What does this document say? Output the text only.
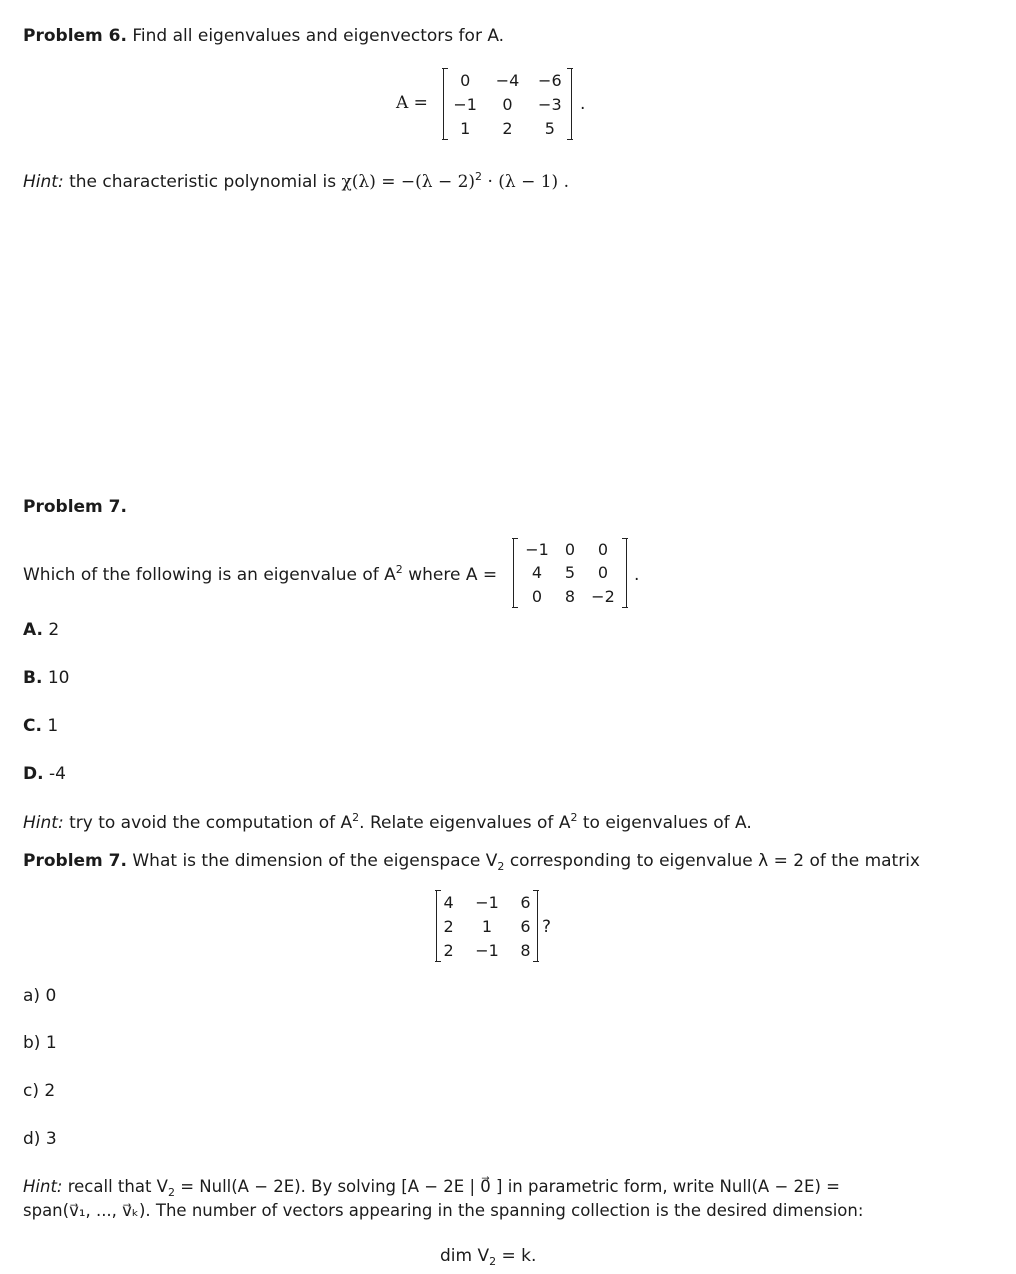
Problem 6. Find all eigenvalues and eigenvectors for A.
A =
0	−4	−6
−1	0	−3
1	2	5
.
Hint: the characteristic polynomial is $\chi(\lambda) = -(\lambda - 2)^2 \cdot (\lambda - 1)$ .
Problem 7.
Which of the following is an eigenvalue of $A^2$ where A =
−1	0	0
4	5	0
0	8	−2
.
A. 2
B. 10
C. 1
D. -4
Hint: try to avoid the computation of $A^2$. Relate eigenvalues of $A^2$ to eigenvalues of A.
Problem 7. What is the dimension of the eigenspace $V_2$ corresponding to eigenvalue λ = 2 of the matrix
4	−1	6
2	1	6
2	−1	8
?
a) 0
b) 1
c) 2
d) 3
Hint: recall that $V_2$ = Null(A − 2E). By solving [A − 2E | 0⃗ ] in parametric form, write Null(A − 2E) =
span(v⃗₁, ..., v⃗ₖ). The number of vectors appearing in the spanning collection is the desired dimension:
dim $V_2 = k$.
